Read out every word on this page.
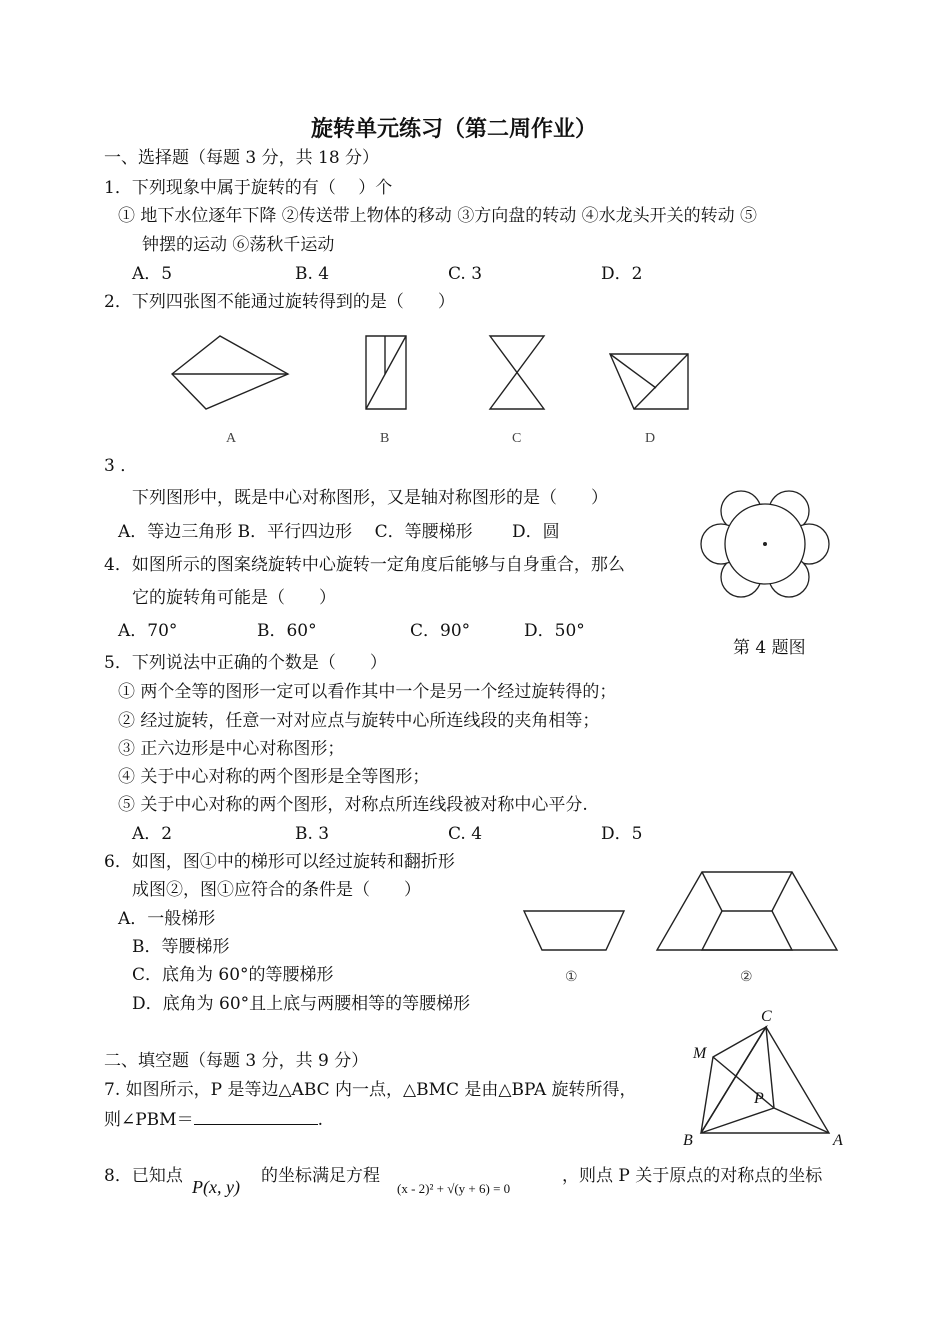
旋转单元练习（第二周作业）
一、选择题（每题 3 分，共 18 分）
1．下列现象中属于旋转的有（　 ）个
① 地下水位逐年下降 ②传送带上物体的移动 ③方向盘的转动 ④水龙头开关的转动 ⑤
钟摆的运动 ⑥荡秋千运动
A．5	B. 4	C. 3	D．2
2．下列四张图不能通过旋转得到的是（　　）
A	B	C	D
3 ．
下列图形中，既是中心对称图形，又是轴对称图形的是（　　）
A．等边三角形 B．平行四边形　 C．等腰梯形　　 D．圆
4．如图所示的图案绕旋转中心旋转一定角度后能够与自身重合，那么
它的旋转角可能是（　　）
A．70°	B．60°	C．90°	D．50°
第 4 题图
5．下列说法中正确的个数是（　　）
① 两个全等的图形一定可以看作其中一个是另一个经过旋转得的；
② 经过旋转，任意一对对应点与旋转中心所连线段的夹角相等；
③ 正六边形是中心对称图形；
④ 关于中心对称的两个图形是全等图形；
⑤ 关于中心对称的两个图形，对称点所连线段被对称中心平分.
A．2	B. 3	C. 4	D．5
6．如图，图①中的梯形可以经过旋转和翻折形
成图②，图①应符合的条件是（　　）
A．一般梯形
B．等腰梯形
C．底角为 60°的等腰梯形
D．底角为 60°且上底与两腰相等的等腰梯形
①	②
二、填空题（每题 3 分，共 9 分）
7. 如图所示，P 是等边△ABC 内一点，△BMC 是由△BPA 旋转所得，
则∠PBM＝	.
C
M
P
B	A
8．已知点
P(x, y)
的坐标满足方程
(x - 2)² + √(y + 6) = 0
，则点 P 关于原点的对称点的坐标
